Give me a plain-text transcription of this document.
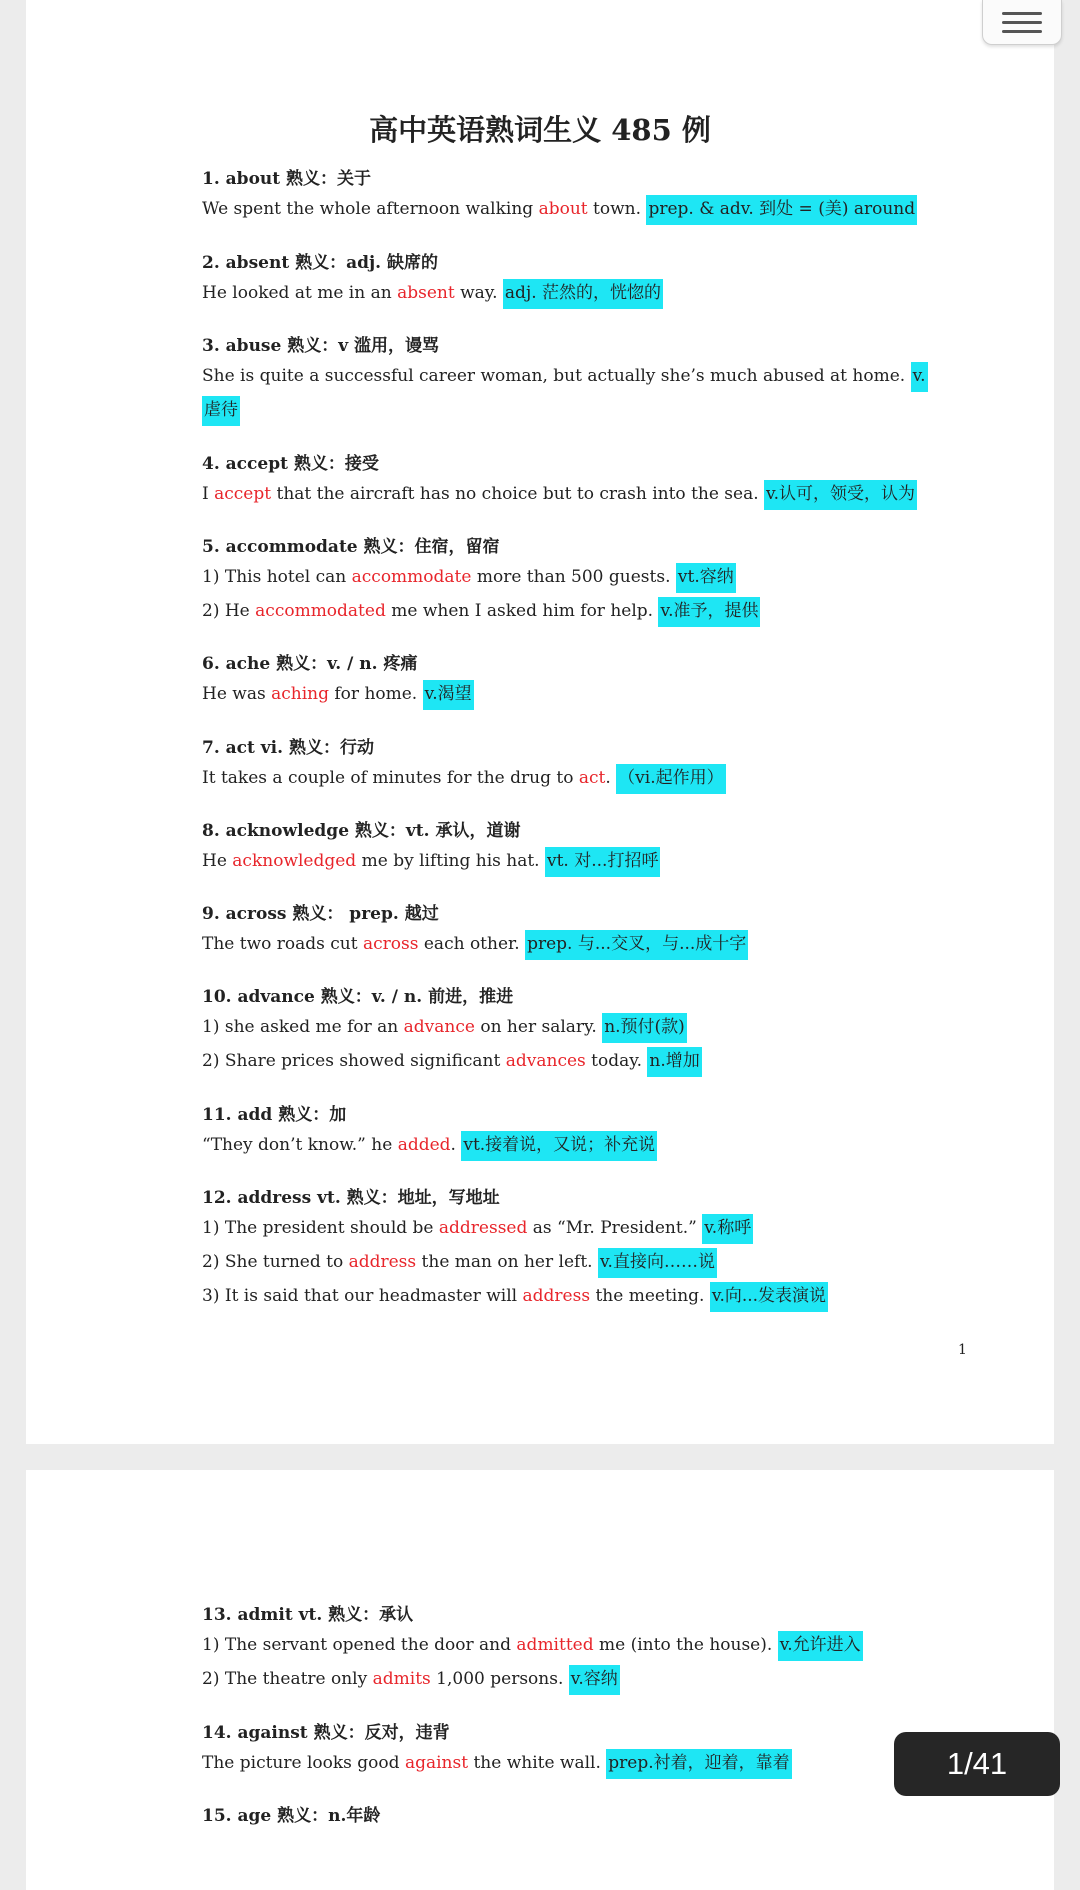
高中英语熟词生义 485 例
1. about 熟义：关于
We spent the whole afternoon walking about town. prep. & adv. 到处 = (美) around
2. absent 熟义：adj. 缺席的
He looked at me in an absent way. adj. 茫然的，恍惚的
3. abuse 熟义：v 滥用，谩骂
She is quite a successful career woman, but actually she’s much abused at home. v.
虐待
4. accept 熟义：接受
I accept that the aircraft has no choice but to crash into the sea. v.认可，领受，认为
5. accommodate 熟义：住宿，留宿
1) This hotel can accommodate more than 500 guests. vt.容纳
2) He accommodated me when I asked him for help. v.准予，提供
6. ache 熟义：v. / n. 疼痛
He was aching for home. v.渴望
7. act vi. 熟义：行动
It takes a couple of minutes for the drug to act. （vi.起作用）
8. acknowledge 熟义：vt. 承认，道谢
He acknowledged me by lifting his hat. vt. 对...打招呼
9. across 熟义： prep. 越过
The two roads cut across each other. prep. 与...交叉，与...成十字
10. advance 熟义：v. / n. 前进，推进
1) she asked me for an advance on her salary. n.预付(款)
2) Share prices showed significant advances today. n.增加
11. add 熟义：加
“They don’t know.” he added. vt.接着说，又说；补充说
12. address vt. 熟义：地址，写地址
1) The president should be addressed as “Mr. President.” v.称呼
2) She turned to address the man on her left. v.直接向……说
3) It is said that our headmaster will address the meeting. v.向...发表演说
1
13. admit vt. 熟义：承认
1) The servant opened the door and admitted me (into the house). v.允许进入
2) The theatre only admits 1,000 persons. v.容纳
14. against 熟义：反对，违背
The picture looks good against the white wall. prep.衬着，迎着，靠着
15. age 熟义：n.年龄
1/41
